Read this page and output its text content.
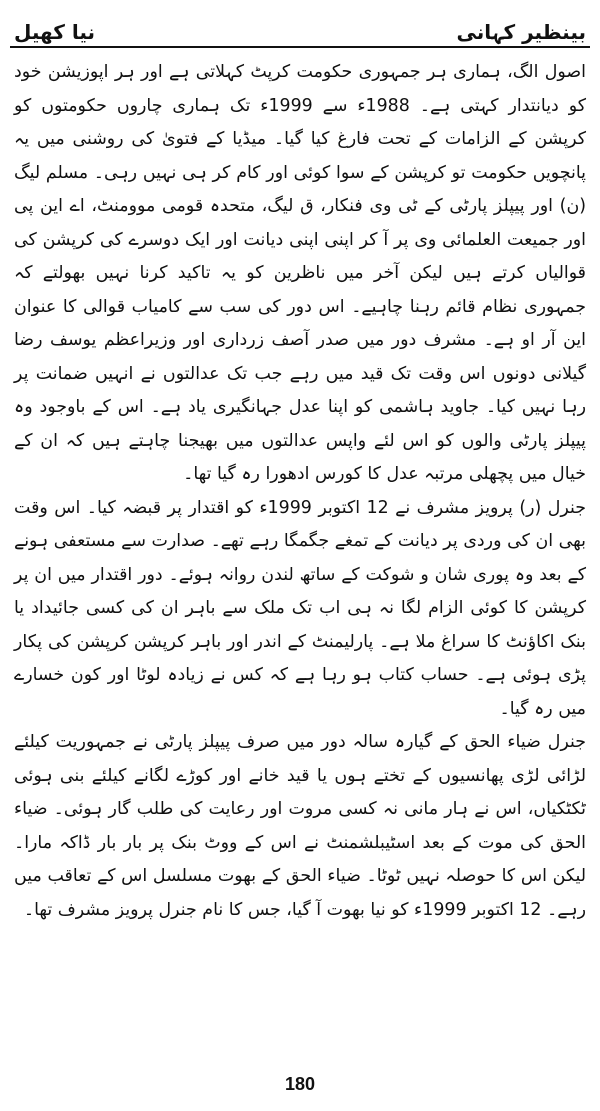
بینظیر کہانی
نیا کھیل

اصول الگ، ہماری ہر جمہوری حکومت کرپٹ کہلاتی ہے اور ہر اپوزیشن خود کو دیانتدار کہتی ہے۔ 1988ء سے 1999ء تک ہماری چاروں حکومتوں کو کرپشن کے الزامات کے تحت فارغ کیا گیا۔ میڈیا کے فتویٰ کی روشنی میں یہ پانچویں حکومت تو کرپشن کے سوا کوئی اور کام کر ہی نہیں رہی۔ مسلم لیگ (ن) اور پیپلز پارٹی کے ٹی وی فنکار، ق لیگ، متحدہ قومی موومنٹ، اے این پی اور جمیعت العلمائی وی پر آ کر اپنی اپنی دیانت اور ایک دوسرے کی کرپشن کی قوالیاں کرتے ہیں لیکن آخر میں ناظرین کو یہ تاکید کرنا نہیں بھولتے کہ جمہوری نظام قائم رہنا چاہیے۔ اس دور کی سب سے کامیاب قوالی کا عنوان این آر او ہے۔ مشرف دور میں صدر آصف زرداری اور وزیراعظم یوسف رضا گیلانی دونوں اس وقت تک قید میں رہے جب تک عدالتوں نے انہیں ضمانت پر رہا نہیں کیا۔ جاوید ہاشمی کو اپنا عدل جہانگیری یاد ہے۔ اس کے باوجود وہ پیپلز پارٹی والوں کو اس لئے واپس عدالتوں میں بھیجنا چاہتے ہیں کہ ان کے خیال میں پچھلی مرتبہ عدل کا کورس ادھورا رہ گیا تھا۔

جنرل (ر) پرویز مشرف نے 12 اکتوبر 1999ء کو اقتدار پر قبضہ کیا۔ اس وقت بھی ان کی وردی پر دیانت کے تمغے جگمگا رہے تھے۔ صدارت سے مستعفی ہونے کے بعد وہ پوری شان و شوکت کے ساتھ لندن روانہ ہوئے۔ دور اقتدار میں ان پر کرپشن کا کوئی الزام لگا نہ ہی اب تک ملک سے باہر ان کی کسی جائیداد یا بنک اکاؤنٹ کا سراغ ملا ہے۔ پارلیمنٹ کے اندر اور باہر کرپشن کرپشن کی پکار پڑی ہوئی ہے۔ حساب کتاب ہو رہا ہے کہ کس نے زیادہ لوٹا اور کون خسارے میں رہ گیا۔

جنرل ضیاء الحق کے گیارہ سالہ دور میں صرف پیپلز پارٹی نے جمہوریت کیلئے لڑائی لڑی پھانسیوں کے تختے ہوں یا قید خانے اور کوڑے لگانے کیلئے بنی ہوئی ٹکٹکیاں، اس نے ہار مانی نہ کسی مروت اور رعایت کی طلب گار ہوئی۔ ضیاء الحق کی موت کے بعد اسٹیبلشمنٹ نے اس کے ووٹ بنک پر بار بار ڈاکہ مارا۔ لیکن اس کا حوصلہ نہیں ٹوٹا۔ ضیاء الحق کے بھوت مسلسل اس کے تعاقب میں رہے۔ 12 اکتوبر 1999ء کو نیا بھوت آ گیا، جس کا نام جنرل پرویز مشرف تھا۔

180
